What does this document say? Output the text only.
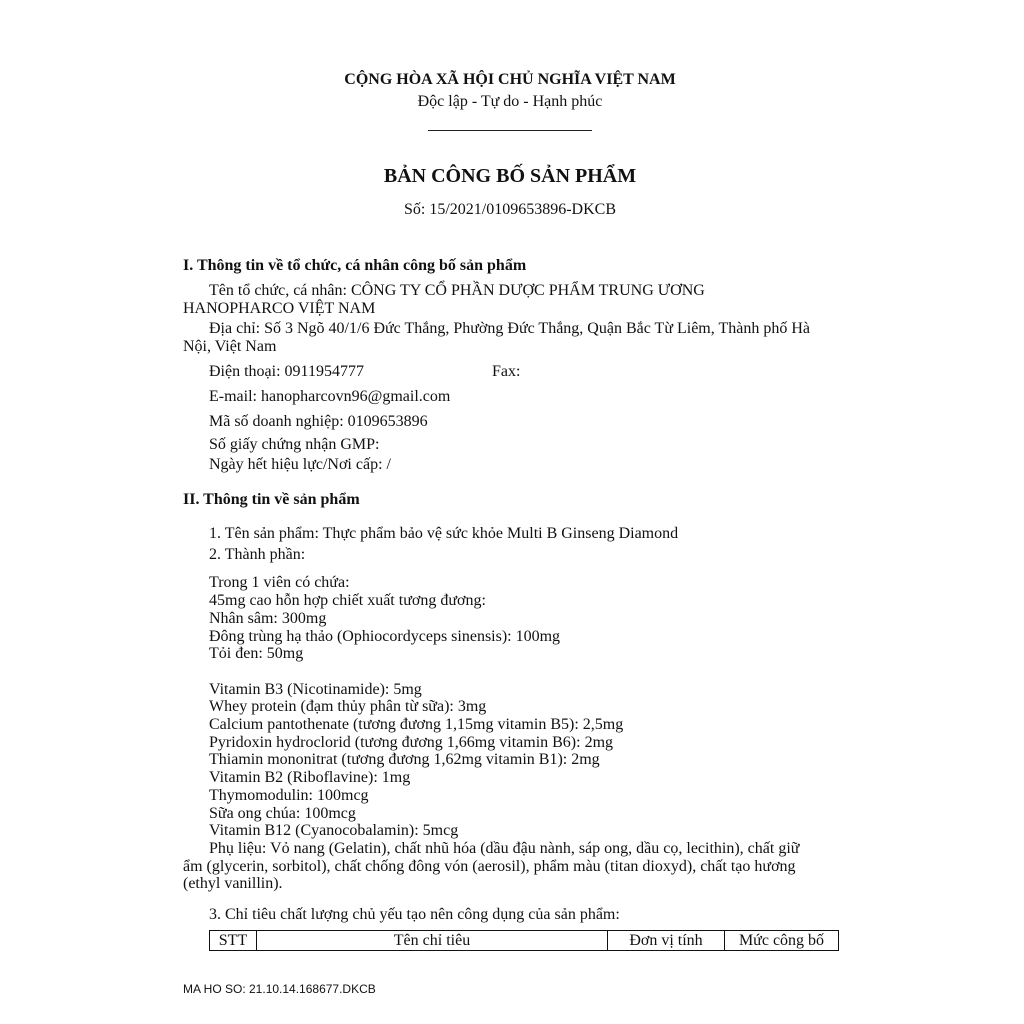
CỘNG HÒA XÃ HỘI CHỦ NGHĨA VIỆT NAM
Độc lập - Tự do - Hạnh phúc
BẢN CÔNG BỐ SẢN PHẨM
Số: 15/2021/0109653896-DKCB
I. Thông tin về tổ chức, cá nhân công bố sản phẩm
Tên tổ chức, cá nhân: CÔNG TY CỔ PHẦN DƯỢC PHẨM TRUNG ƯƠNG
HANOPHARCO VIỆT NAM
Địa chỉ: Số 3 Ngõ 40/1/6 Đức Thắng, Phường Đức Thắng, Quận Bắc Từ Liêm, Thành phố Hà
Nội, Việt Nam
Điện thoại: 0911954777	Fax:
E-mail: hanopharcovn96@gmail.com
Mã số doanh nghiệp: 0109653896
Số giấy chứng nhận GMP:
Ngày hết hiệu lực/Nơi cấp: /
II. Thông tin về sản phẩm
1. Tên sản phẩm: Thực phẩm bảo vệ sức khỏe Multi B Ginseng Diamond
2. Thành phần:
Trong 1 viên có chứa:
45mg cao hỗn hợp chiết xuất tương đương:
Nhân sâm: 300mg
Đông trùng hạ thảo (Ophiocordyceps sinensis): 100mg
Tỏi đen: 50mg
Vitamin B3 (Nicotinamide): 5mg
Whey protein (đạm thủy phân từ sữa): 3mg
Calcium pantothenate (tương đương 1,15mg vitamin B5): 2,5mg
Pyridoxin hydroclorid (tương đương 1,66mg vitamin B6): 2mg
Thiamin mononitrat (tương đương 1,62mg vitamin B1): 2mg
Vitamin B2 (Riboflavine): 1mg
Thymomodulin: 100mcg
Sữa ong chúa: 100mcg
Vitamin B12 (Cyanocobalamin): 5mcg
Phụ liệu: Vỏ nang (Gelatin), chất nhũ hóa (dầu đậu nành, sáp ong, dầu cọ, lecithin), chất giữ
ẩm (glycerin, sorbitol), chất chống đông vón (aerosil), phẩm màu (titan dioxyd), chất tạo hương
(ethyl vanillin).
3. Chỉ tiêu chất lượng chủ yếu tạo nên công dụng của sản phẩm:
STT	Tên chỉ tiêu	Đơn vị tính	Mức công bố
MA HO SO: 21.10.14.168677.DKCB
